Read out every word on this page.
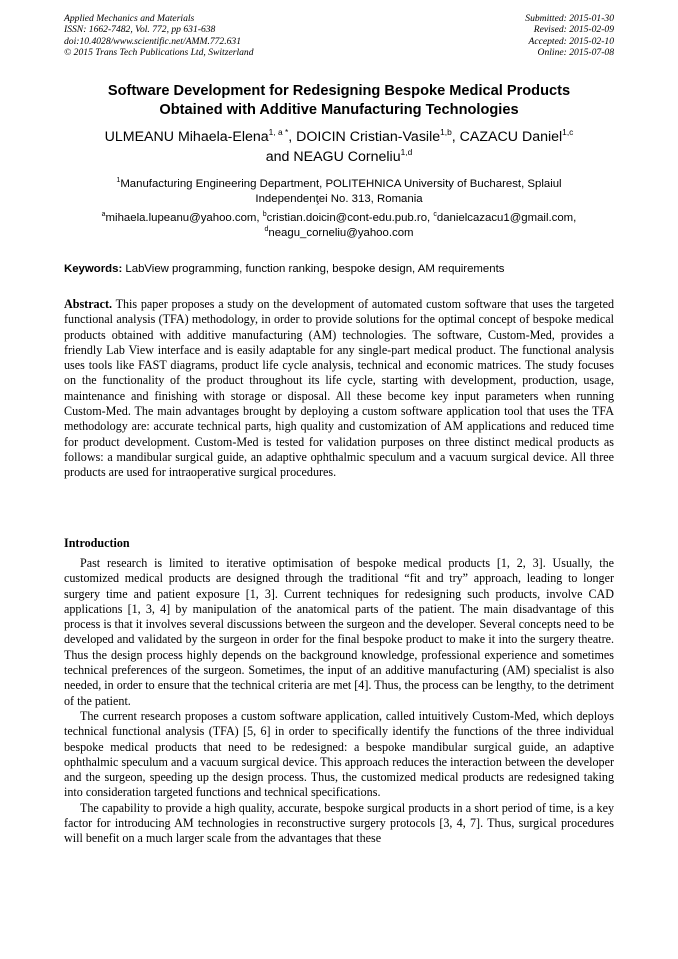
Applied Mechanics and Materials
ISSN: 1662-7482, Vol. 772, pp 631-638
doi:10.4028/www.scientific.net/AMM.772.631
© 2015 Trans Tech Publications Ltd, Switzerland
Submitted: 2015-01-30
Revised: 2015-02-09
Accepted: 2015-02-10
Online: 2015-07-08
Software Development for Redesigning Bespoke Medical Products
Obtained with Additive Manufacturing Technologies
ULMEANU Mihaela-Elena$^{1, a *}$, DOICIN Cristian-Vasile$^{1,b}$, CAZACU Daniel$^{1,c}$
and NEAGU Corneliu$^{1,d}$
$^1$Manufacturing Engineering Department, POLITEHNICA University of Bucharest, Splaiul
Independenţei No. 313, Romania
$^a$mihaela.lupeanu@yahoo.com, $^b$cristian.doicin@cont-edu.pub.ro, $^c$danielcazacu1@gmail.com,
$^d$neagu_corneliu@yahoo.com
Keywords: LabView programming, function ranking, bespoke design, AM requirements
Abstract. This paper proposes a study on the development of automated custom software that uses the targeted functional analysis (TFA) methodology, in order to provide solutions for the optimal concept of bespoke medical products obtained with additive manufacturing (AM) technologies. The software, Custom-Med, provides a friendly Lab View interface and is easily adaptable for any single-part medical product. The functional analysis uses tools like FAST diagrams, product life cycle analysis, technical and economic matrices. The study focuses on the functionality of the product throughout its life cycle, starting with development, production, usage, maintenance and finishing with storage or disposal. All these become key input parameters when running Custom-Med. The main advantages brought by deploying a custom software application tool that uses the TFA methodology are: accurate technical parts, high quality and customization of AM applications and reduced time for product development. Custom-Med is tested for validation purposes on three distinct medical products as follows: a mandibular surgical guide, an adaptive ophthalmic speculum and a vacuum surgical device. All three products are used for intraoperative surgical procedures.
Introduction

Past research is limited to iterative optimisation of bespoke medical products [1, 2, 3]. Usually, the customized medical products are designed through the traditional “fit and try” approach, leading to longer surgery time and patient exposure [1, 3]. Current techniques for redesigning such products, involve CAD applications [1, 3, 4] by manipulation of the anatomical parts of the patient. The main disadvantage of this process is that it involves several discussions between the surgeon and the developer. Several concepts need to be developed and validated by the surgeon in order for the final bespoke product to make it into the surgery theatre. Thus the design process highly depends on the background knowledge, professional experience and sometimes technical preferences of the surgeon. Sometimes, the input of an additive manufacturing (AM) specialist is also needed, in order to ensure that the technical criteria are met [4]. Thus, the process can be lengthy, to the detriment of the patient.

The current research proposes a custom software application, called intuitively Custom-Med, which deploys technical functional analysis (TFA) [5, 6] in order to specifically identify the functions of the three individual bespoke medical products that need to be redesigned: a bespoke mandibular surgical guide, an adaptive ophthalmic speculum and a vacuum surgical device. This approach reduces the interaction between the developer and the surgeon, speeding up the design process. Thus, the customized medical products are redesigned taking into consideration targeted functions and technical specifications.

The capability to provide a high quality, accurate, bespoke surgical products in a short period of time, is a key factor for introducing AM technologies in reconstructive surgery protocols [3, 4, 7]. Thus, surgical procedures will benefit on a much larger scale from the advantages that these
